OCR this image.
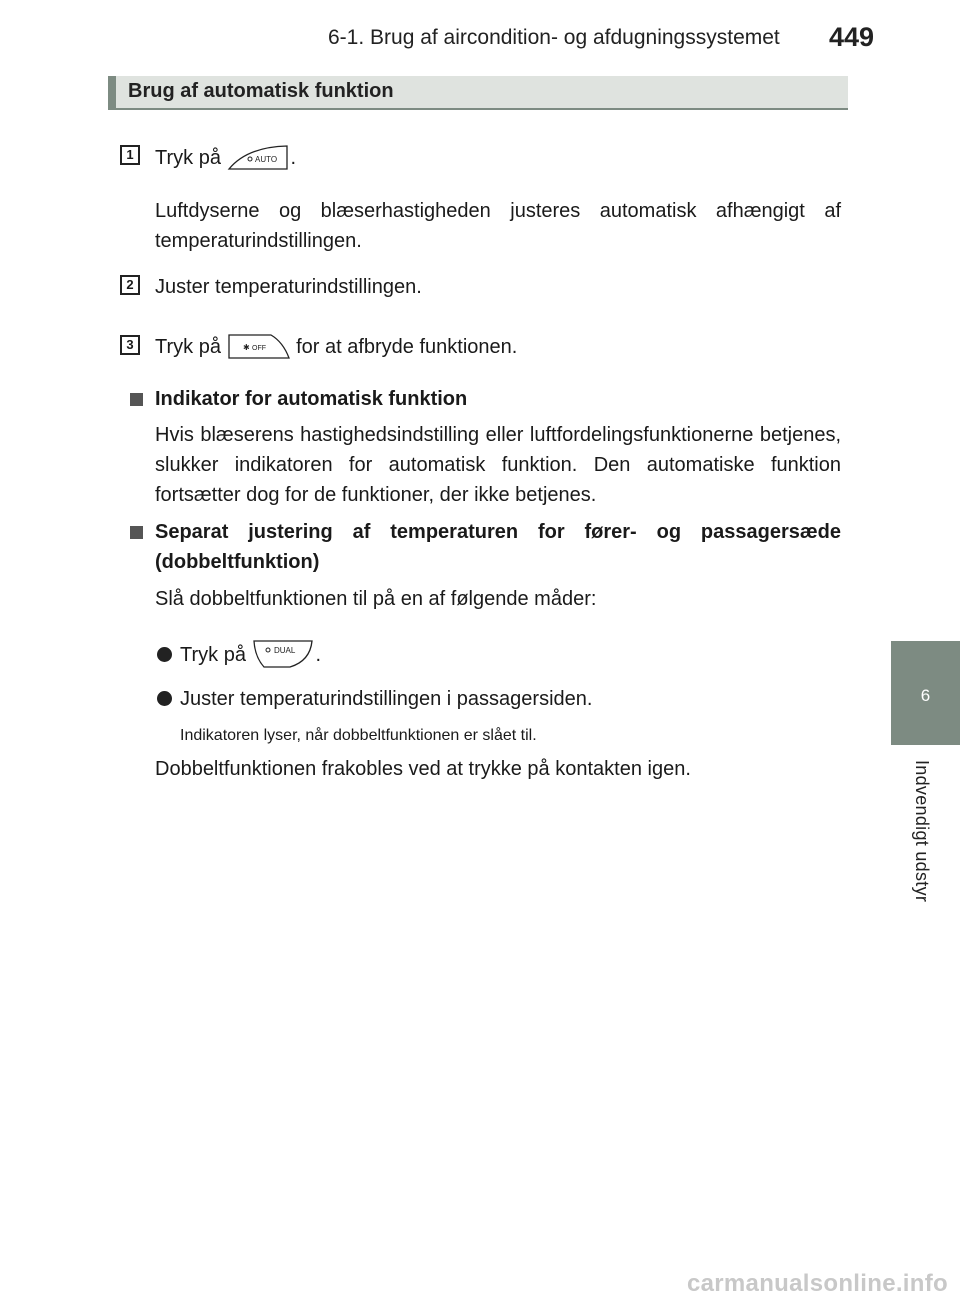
6-1. Brug af aircondition- og afdugningssystemet 449
Brug af automatisk funktion
1	Tryk på	AUTO .
Luftdyserne og blæserhastigheden justeres automatisk afhængigt af temperaturindstillingen.
2	Juster temperaturindstillingen.
3	Tryk på	✱ OFF for at afbryde funktionen.
Indikator for automatisk funktion
Hvis blæserens hastighedsindstilling eller luftfordelingsfunktionerne betjenes, slukker indikatoren for automatisk funktion. Den automatiske funktion fortsætter dog for de funktioner, der ikke betjenes.
Separat justering af temperaturen for fører- og passagersæde (dobbeltfunktion)
Slå dobbeltfunktionen til på en af følgende måder:
Tryk på	DUAL .
Juster temperaturindstillingen i passagersiden.
Indikatoren lyser, når dobbeltfunktionen er slået til.
Dobbeltfunktionen frakobles ved at trykke på kontakten igen.
6
Indvendigt udstyr
carmanualsonline.info
